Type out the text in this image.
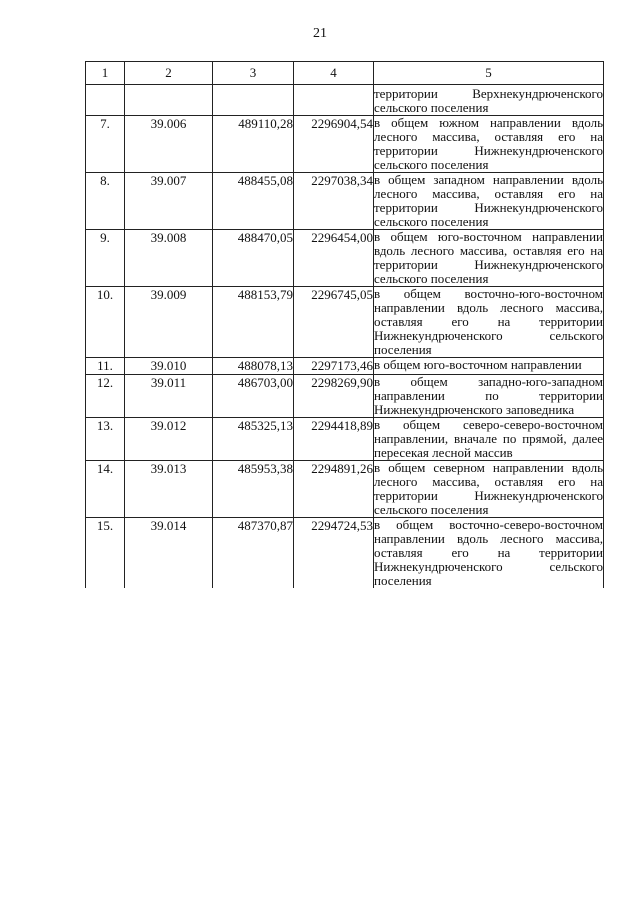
21
1	2	3	4	5
				территории Верхнекундрюченского сельского поселения
7.	39.006	489110,28	2296904,54	в общем южном направлении вдоль лесного массива, оставляя его на территории Нижнекундрюченского сельского поселения
8.	39.007	488455,08	2297038,34	в общем западном направлении вдоль лесного массива, оставляя его на территории Нижнекундрюченского сельского поселения
9.	39.008	488470,05	2296454,00	в общем юго-восточном направлении вдоль лесного массива, оставляя его на территории Нижнекундрюченского сельского поселения
10.	39.009	488153,79	2296745,05	в общем восточно-юго-восточном направлении вдоль лесного массива, оставляя его на территории Нижнекундрюченского сельского поселения
11.	39.010	488078,13	2297173,46	в общем юго-восточном направлении
12.	39.011	486703,00	2298269,90	в общем западно-юго-западном направлении по территории Нижнекундрюченского заповедника
13.	39.012	485325,13	2294418,89	в общем северо-северо-восточном направлении, вначале по прямой, далее пересекая лесной массив
14.	39.013	485953,38	2294891,26	в общем северном направлении вдоль лесного массива, оставляя его на территории Нижнекундрюченского сельского поселения
15.	39.014	487370,87	2294724,53	в общем восточно-северо-восточном направлении вдоль лесного массива, оставляя его на территории Нижнекундрюченского сельского поселения
